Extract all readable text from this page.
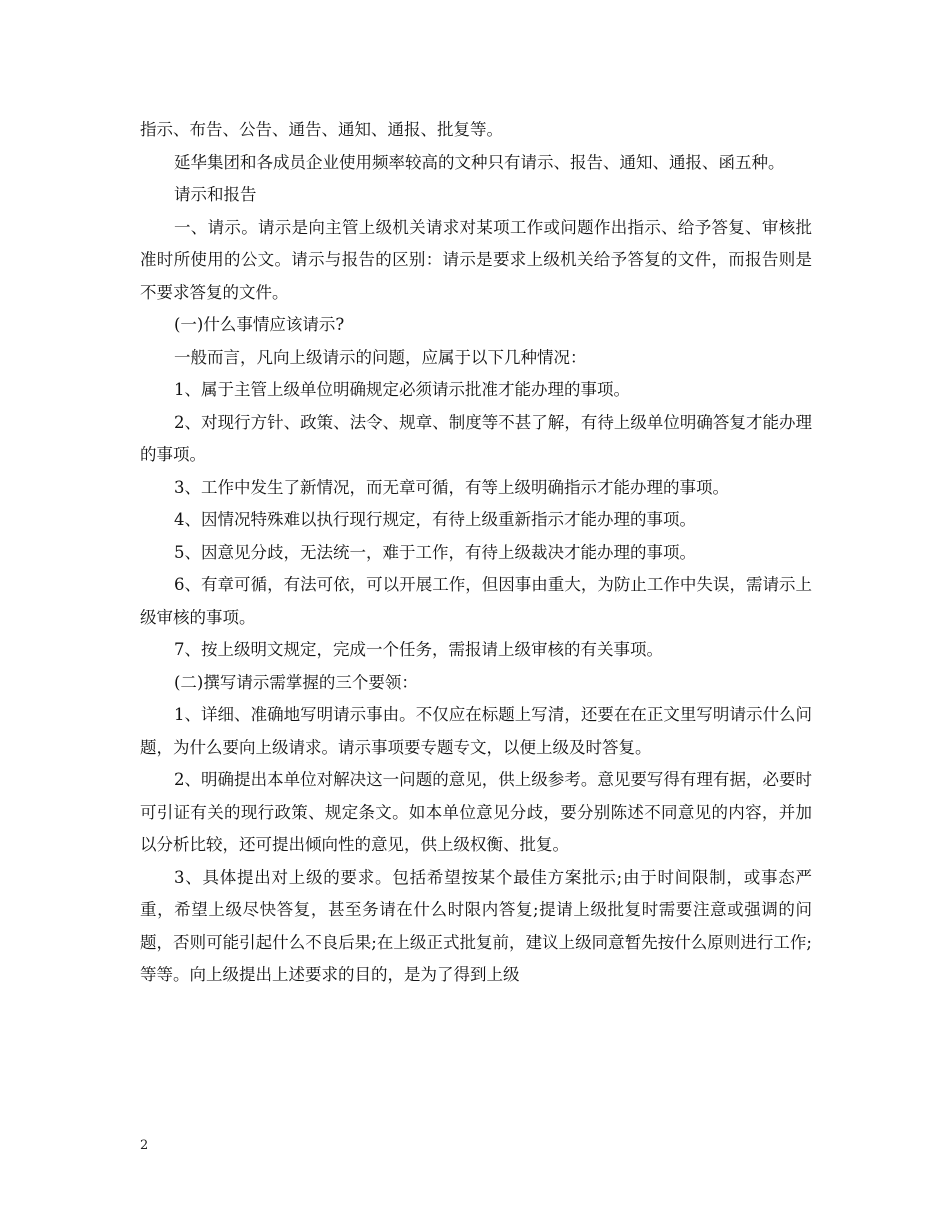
指示、布告、公告、通告、通知、通报、批复等。

延华集团和各成员企业使用频率较高的文种只有请示、报告、通知、通报、函五种。

请示和报告

一、请示。请示是向主管上级机关请求对某项工作或问题作出指示、给予答复、审核批准时所使用的公文。请示与报告的区别：请示是要求上级机关给予答复的文件，而报告则是不要求答复的文件。

(一)什么事情应该请示?

一般而言，凡向上级请示的问题，应属于以下几种情况：

1、属于主管上级单位明确规定必须请示批准才能办理的事项。

2、对现行方针、政策、法令、规章、制度等不甚了解，有待上级单位明确答复才能办理的事项。

3、工作中发生了新情况，而无章可循，有等上级明确指示才能办理的事项。

4、因情况特殊难以执行现行规定，有待上级重新指示才能办理的事项。

5、因意见分歧，无法统一，难于工作，有待上级裁决才能办理的事项。

6、有章可循，有法可依，可以开展工作，但因事由重大，为防止工作中失误，需请示上级审核的事项。

7、按上级明文规定，完成一个任务，需报请上级审核的有关事项。

(二)撰写请示需掌握的三个要领：

1、详细、准确地写明请示事由。不仅应在标题上写清，还要在在正文里写明请示什么问题，为什么要向上级请求。请示事项要专题专文，以便上级及时答复。

2、明确提出本单位对解决这一问题的意见，供上级参考。意见要写得有理有据，必要时可引证有关的现行政策、规定条文。如本单位意见分歧，要分别陈述不同意见的内容，并加以分析比较，还可提出倾向性的意见，供上级权衡、批复。

3、具体提出对上级的要求。包括希望按某个最佳方案批示;由于时间限制，或事态严重，希望上级尽快答复，甚至务请在什么时限内答复;提请上级批复时需要注意或强调的问题，否则可能引起什么不良后果;在上级正式批复前，建议上级同意暂先按什么原则进行工作;等等。向上级提出上述要求的目的，是为了得到上级

2
